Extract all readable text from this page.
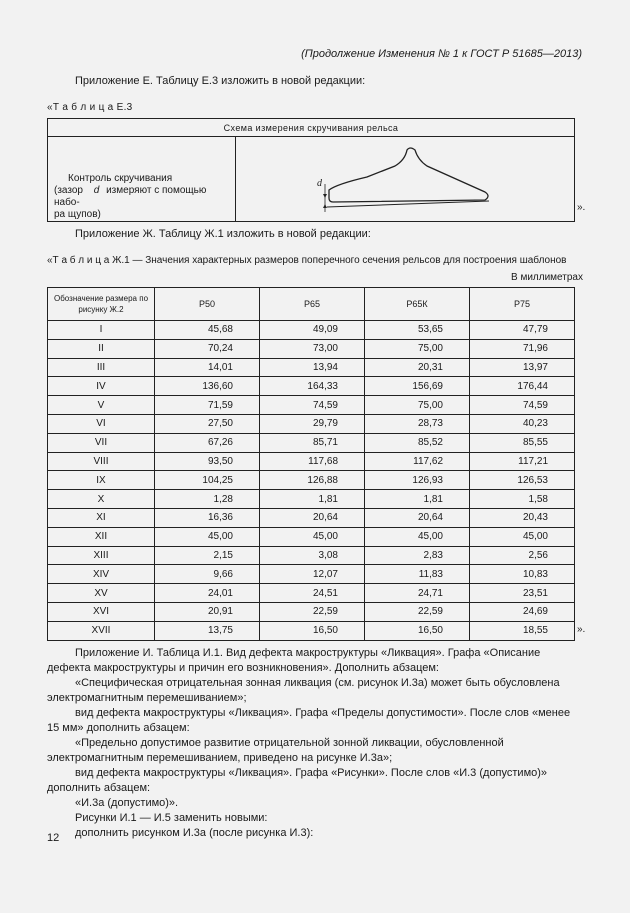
(Продолжение Изменения № 1 к ГОСТ Р 51685—2013)
Приложение Е. Таблицу Е.3 изложить в новой редакции:
«Т а б л и ц а Е.3
Схема измерения скручивания рельса

Контроль скручивания
(зазор d измеряют с помощью набо-
ра щупов)

d
».
Приложение Ж. Таблицу Ж.1 изложить в новой редакции:
«Т а б л и ц а Ж.1 — Значения характерных размеров поперечного сечения рельсов для построения шаблонов
В миллиметрах
Обозначение размера по рисунку Ж.2	Р50	Р65	Р65К	Р75
I	45,68	49,09	53,65	47,79
II	70,24	73,00	75,00	71,96
III	14,01	13,94	20,31	13,97
IV	136,60	164,33	156,69	176,44
V	71,59	74,59	75,00	74,59
VI	27,50	29,79	28,73	40,23
VII	67,26	85,71	85,52	85,55
VIII	93,50	117,68	117,62	117,21
IX	104,25	126,88	126,93	126,53
X	1,28	1,81	1,81	1,58
XI	16,36	20,64	20,64	20,43
XII	45,00	45,00	45,00	45,00
XIII	2,15	3,08	2,83	2,56
XIV	9,66	12,07	11,83	10,83
XV	24,01	24,51	24,71	23,51
XVI	20,91	22,59	22,59	24,69
XVII	13,75	16,50	16,50	18,55	».
Приложение И. Таблица И.1. Вид дефекта макроструктуры «Ликвация». Графа «Описание дефекта макроструктуры и причин его возникновения». Дополнить абзацем:
«Специфическая отрицательная зонная ликвация (см. рисунок И.3а) может быть обусловлена электромагнитным перемешиванием»;
вид дефекта макроструктуры «Ликвация». Графа «Пределы допустимости». После слов «менее 15 мм» дополнить абзацем:
«Предельно допустимое развитие отрицательной зонной ликвации, обусловленной электромагнитным перемешиванием, приведено на рисунке И.3а»;
вид дефекта макроструктуры «Ликвация». Графа «Рисунки». После слов «И.3 (допустимо)» дополнить абзацем:
«И.3а (допустимо)».
Рисунки И.1 — И.5 заменить новыми:
дополнить рисунком И.3а (после рисунка И.3):
12
